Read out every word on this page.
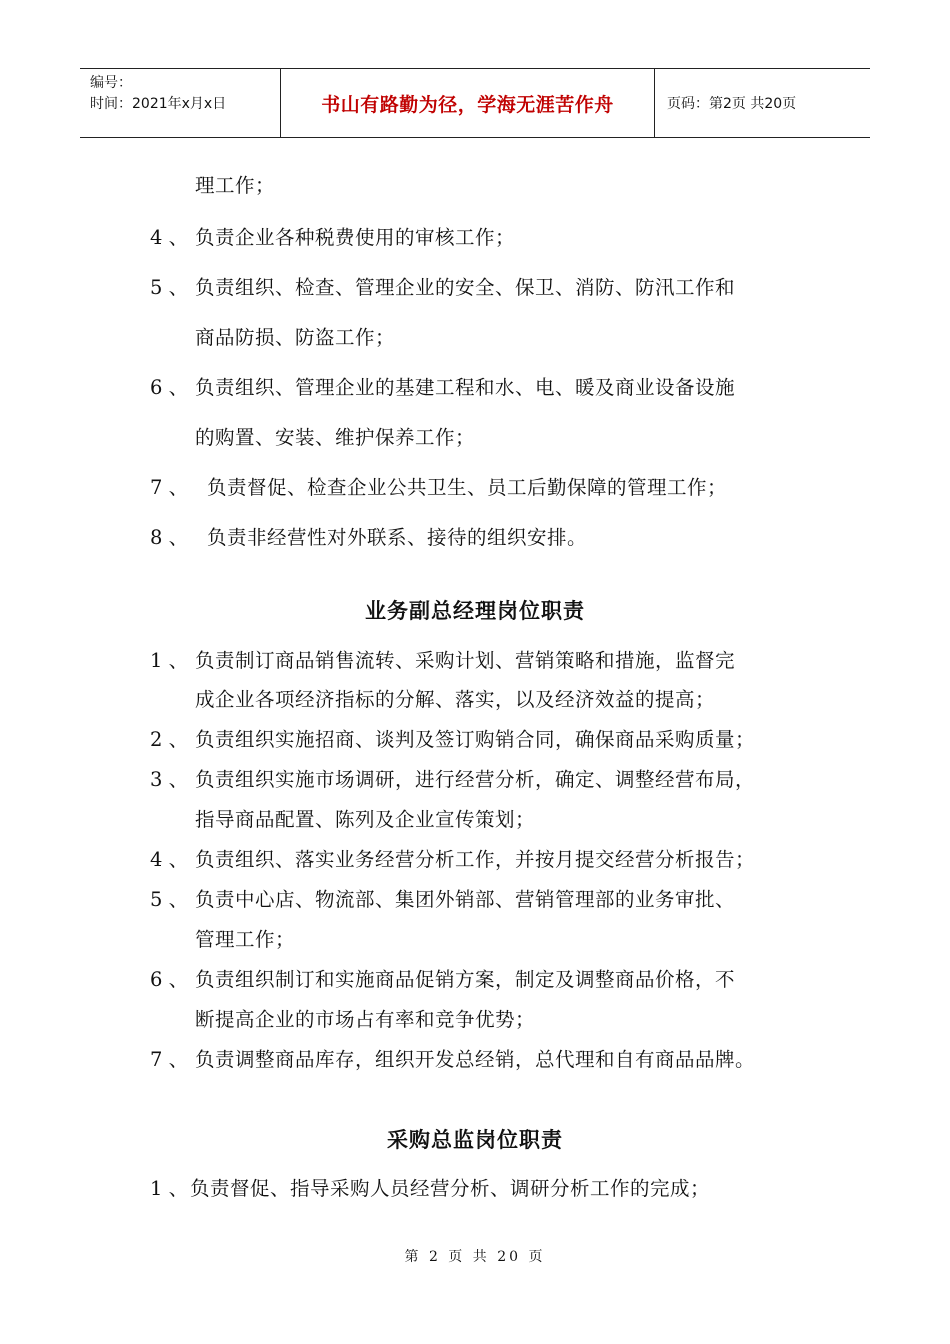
编号：
时间：2021年x月x日	书山有路勤为径，学海无涯苦作舟	页码：第2页 共20页
理工作；
4 、 负责企业各种税费使用的审核工作；
5 、 负责组织、检查、管理企业的安全、保卫、消防、防汛工作和
商品防损、防盗工作；
6 、 负责组织、管理企业的基建工程和水、电、暖及商业设备设施
的购置、安装、维护保养工作；
7 、 负责督促、检查企业公共卫生、员工后勤保障的管理工作；
8 、 负责非经营性对外联系、接待的组织安排。
业务副总经理岗位职责
1 、 负责制订商品销售流转、采购计划、营销策略和措施，监督完
成企业各项经济指标的分解、落实，以及经济效益的提高；
2 、 负责组织实施招商、谈判及签订购销合同，确保商品采购质量；
3 、 负责组织实施市场调研，进行经营分析，确定、调整经营布局，
指导商品配置、陈列及企业宣传策划；
4 、 负责组织、落实业务经营分析工作，并按月提交经营分析报告；
5 、 负责中心店、物流部、集团外销部、营销管理部的业务审批、
管理工作；
6 、 负责组织制订和实施商品促销方案，制定及调整商品价格，不
断提高企业的市场占有率和竞争优势；
7 、 负责调整商品库存，组织开发总经销，总代理和自有商品品牌。
采购总监岗位职责
1 、 负责督促、指导采购人员经营分析、调研分析工作的完成；
第 2 页 共 20 页
